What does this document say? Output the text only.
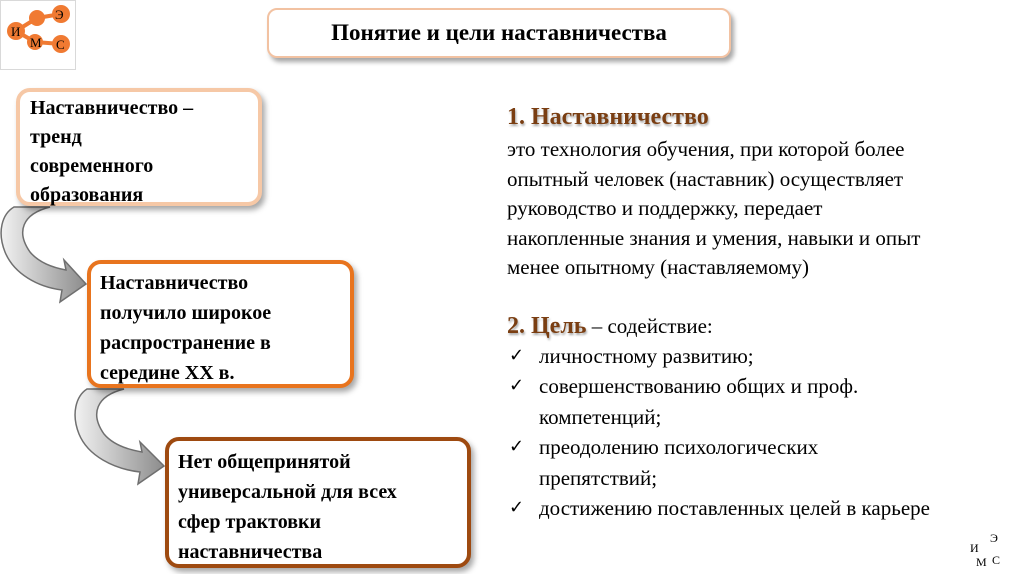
И
Э
М С	Понятие и цели наставничества
Наставничество –
тренд
современного
образования
Наставничество
получило широкое
распространение в
середине XX в.
Нет общепринятой
универсальной для всех
сфер трактовки
наставничества
1. Наставничество
это технология обучения, при которой более
опытный человек (наставник) осуществляет
руководство и поддержку, передает
накопленные знания и умения, навыки и опыт
менее опытному (наставляемому)
2. Цель – содействие:
✓ личностному развитию;
✓ совершенствованию общих и проф.
компетенций;
✓ преодолению психологических
препятствий;
✓ достижению поставленных целей в карьере
И
Э
М С
